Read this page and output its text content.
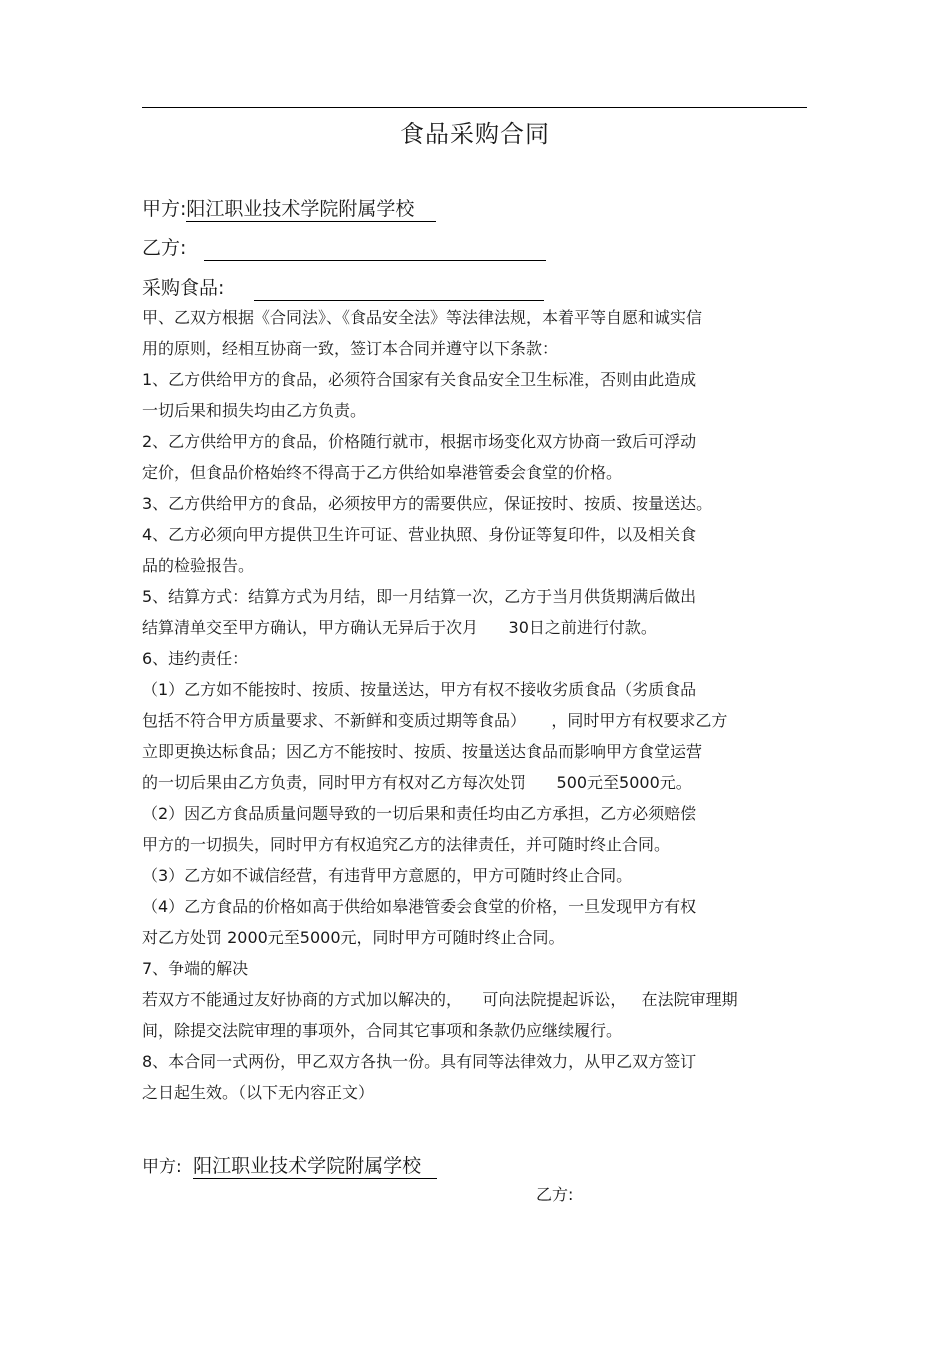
食品采购合同
甲方:阳江职业技术学院附属学校
乙方:
采购食品:
甲、乙双方根据《合同法》、《食品安全法》等法律法规，本着平等自愿和诚实信
用的原则，经相互协商一致，签订本合同并遵守以下条款：
1、乙方供给甲方的食品，必须符合国家有关食品安全卫生标准，否则由此造成
一切后果和损失均由乙方负责。
2、乙方供给甲方的食品，价格随行就市，根据市场变化双方协商一致后可浮动
定价，但食品价格始终不得高于乙方供给如皋港管委会食堂的价格。
3、乙方供给甲方的食品，必须按甲方的需要供应，保证按时、按质、按量送达。
4、乙方必须向甲方提供卫生许可证、营业执照、身份证等复印件，以及相关食
品的检验报告。
5、结算方式：结算方式为月结，即一月结算一次，乙方于当月供货期满后做出
结算清单交至甲方确认，甲方确认无异后于次月      30日之前进行付款。
6、违约责任：
（1）乙方如不能按时、按质、按量送达，甲方有权不接收劣质食品（劣质食品
包括不符合甲方质量要求、不新鲜和变质过期等食品）     ，同时甲方有权要求乙方
立即更换达标食品；因乙方不能按时、按质、按量送达食品而影响甲方食堂运营
的一切后果由乙方负责，同时甲方有权对乙方每次处罚      500元至5000元。
（2）因乙方食品质量问题导致的一切后果和责任均由乙方承担，乙方必须赔偿
甲方的一切损失，同时甲方有权追究乙方的法律责任，并可随时终止合同。
（3）乙方如不诚信经营，有违背甲方意愿的，甲方可随时终止合同。
（4）乙方食品的价格如高于供给如皋港管委会食堂的价格，一旦发现甲方有权
对乙方处罚 2000元至5000元，同时甲方可随时终止合同。
7、争端的解决
若双方不能通过友好协商的方式加以解决的，    可向法院提起诉讼，   在法院审理期
间，除提交法院审理的事项外，合同其它事项和条款仍应继续履行。
8、本合同一式两份，甲乙双方各执一份。具有同等法律效力，从甲乙双方签订
之日起生效。（以下无内容正文）
甲方: 阳江职业技术学院附属学校
乙方:
